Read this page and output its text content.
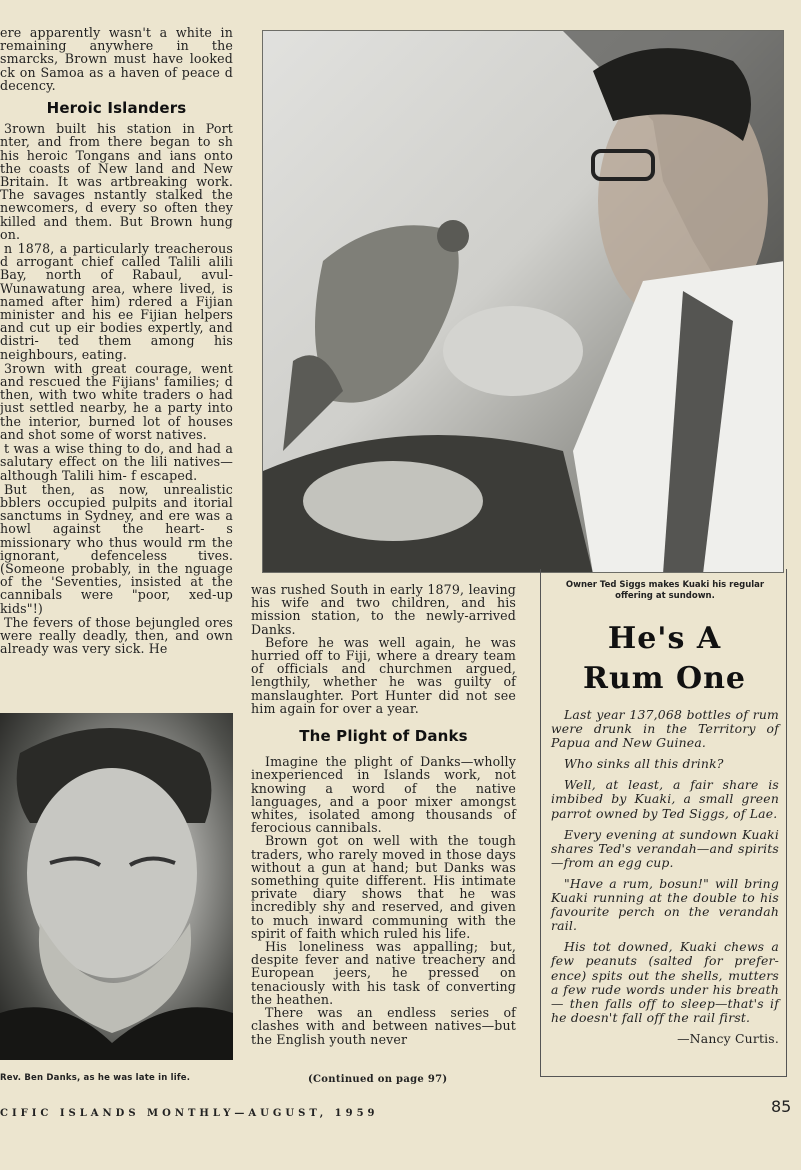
ere apparently wasn't a white in remaining anywhere in the smarcks, Brown must have looked ck on Samoa as a haven of peace d decency.

Heroic Islanders

3rown built his station in Port nter, and from there began to sh his heroic Tongans and ians onto the coasts of New land and New Britain. It was artbreaking work. The savages nstantly stalked the newcomers, d every so often they killed and them. But Brown hung on.

n 1878, a particularly treacherous d arrogant chief called Talili alili Bay, north of Rabaul, avul-Wunawatung area, where lived, is named after him) rdered a Fijian minister and his ee Fijian helpers and cut up eir bodies expertly, and distri- ted them among his neighbours, eating.

3rown with great courage, went and rescued the Fijians' families; d then, with two white traders o had just settled nearby, he a party into the interior, burned lot of houses and shot some of worst natives.

t was a wise thing to do, and had a salutary effect on the lili natives—although Talili him- f escaped.

But then, as now, unrealistic bblers occupied pulpits and itorial sanctums in Sydney, and ere was a howl against the heart- s missionary who thus would rm the ignorant, defenceless tives. (Someone probably, in the nguage of the 'Seventies, insisted at the cannibals were "poor, xed-up kids"!)

The fevers of those bejungled ores were really deadly, then, and own already was very sick. He

Rev. Ben Danks, as he was late in life.

was rushed South in early 1879, leaving his wife and two children, and his mission station, to the newly-arrived Danks.

Before he was well again, he was hurried off to Fiji, where a dreary team of officials and churchmen argued, lengthily, whether he was guilty of manslaughter. Port Hunter did not see him again for over a year.

The Plight of Danks

Imagine the plight of Danks—wholly inexperienced in Islands work, not knowing a word of the native languages, and a poor mixer amongst whites, isolated among thousands of ferocious cannibals.

Brown got on well with the tough traders, who rarely moved in those days without a gun at hand; but Danks was something quite different. His intimate private diary shows that he was incredibly shy and reserved, and given to much inward communing with the spirit of faith which ruled his life.

His loneliness was appalling; but, despite fever and native treachery and European jeers, he pressed on tenaciously with his task of converting the heathen.

There was an endless series of clashes with and between natives—but the English youth never

(Continued on page 97)
Owner Ted Siggs makes Kuaki his regular offering at sundown.
He's A
Rum One

Last year 137,068 bottles of rum were drunk in the Territory of Papua and New Guinea.

Who sinks all this drink?

Well, at least, a fair share is imbibed by Kuaki, a small green parrot owned by Ted Siggs, of Lae.

Every evening at sundown Kuaki shares Ted's verandah—and spirits—from an egg cup.

"Have a rum, bosun!" will bring Kuaki running at the double to his favourite perch on the verandah rail.

His tot downed, Kuaki chews a few peanuts (salted for prefer- ence) spits out the shells, mutters a few rude words under his breath — then falls off to sleep—that's if he doesn't fall off the rail first.

—Nancy Curtis.

CIFIC ISLANDS MONTHLY—AUGUST, 1959	85
